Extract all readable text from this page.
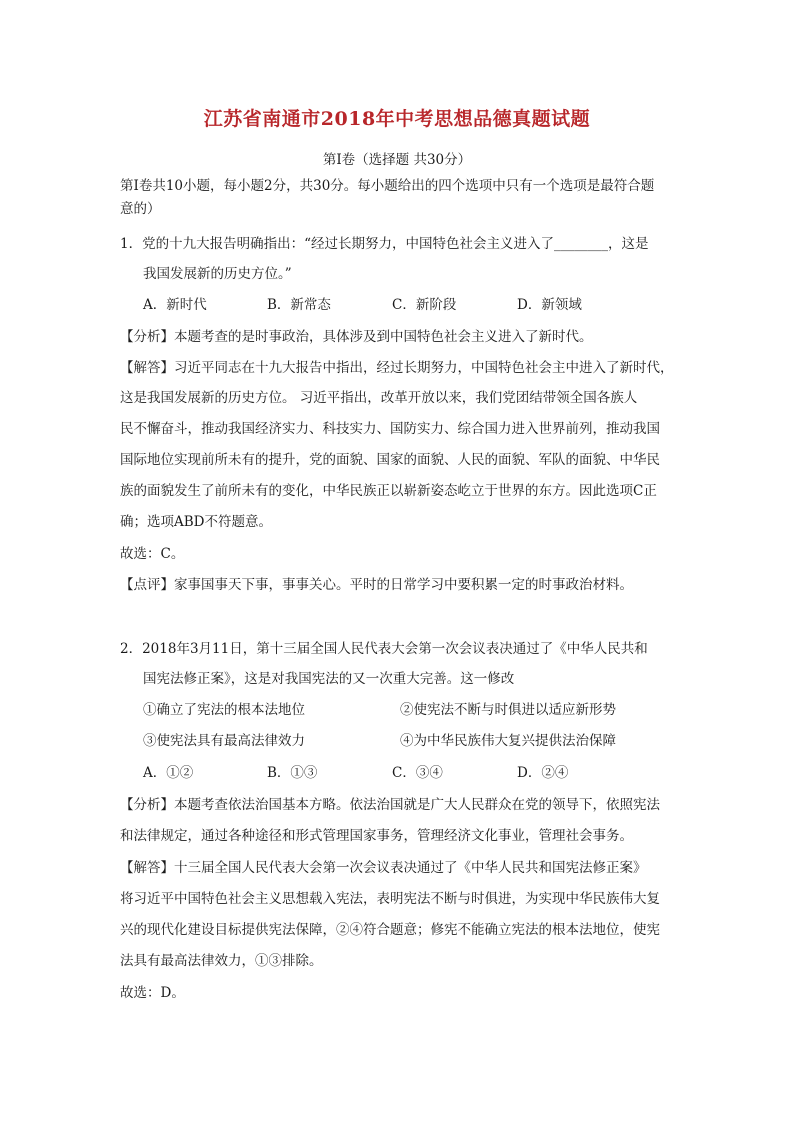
江苏省南通市2018年中考思想品德真题试题
第Ⅰ卷（选择题 共30分）
第Ⅰ卷共10小题，每小题2分，共30分。每小题给出的四个选项中只有一个选项是最符合题
意的）
1．党的十九大报告明确指出：“经过长期努力，中国特色社会主义进入了________，这是
我国发展新的历史方位。”
A．新时代	B．新常态	C．新阶段	D．新领域
【分析】本题考查的是时事政治，具体涉及到中国特色社会主义进入了新时代。
【解答】习近平同志在十九大报告中指出，经过长期努力，中国特色社会主中进入了新时代，
这是我国发展新的历史方位。 习近平指出，改革开放以来，我们党团结带领全国各族人
民不懈奋斗，推动我国经济实力、科技实力、国防实力、综合国力进入世界前列，推动我国
国际地位实现前所未有的提升，党的面貌、国家的面貌、人民的面貌、军队的面貌、中华民
族的面貌发生了前所未有的变化，中华民族正以崭新姿态屹立于世界的东方。因此选项C正
确；选项ABD不符题意。
故选：C。
【点评】家事国事天下事，事事关心。平时的日常学习中要积累一定的时事政治材料。
2．2018年3月11日，第十三届全国人民代表大会第一次会议表决通过了《中华人民共和
国宪法修正案》，这是对我国宪法的又一次重大完善。这一修改
①确立了宪法的根本法地位	②使宪法不断与时俱进以适应新形势
③使宪法具有最高法律效力	④为中华民族伟大复兴提供法治保障
A．①②	B．①③	C．③④	D．②④
【分析】本题考查依法治国基本方略。依法治国就是广大人民群众在党的领导下，依照宪法
和法律规定，通过各种途径和形式管理国家事务，管理经济文化事业，管理社会事务。
【解答】十三届全国人民代表大会第一次会议表决通过了《中华人民共和国宪法修正案》
将习近平中国特色社会主义思想载入宪法，表明宪法不断与时俱进，为实现中华民族伟大复
兴的现代化建设目标提供宪法保障，②④符合题意；修宪不能确立宪法的根本法地位，使宪
法具有最高法律效力，①③排除。
故选：D。
